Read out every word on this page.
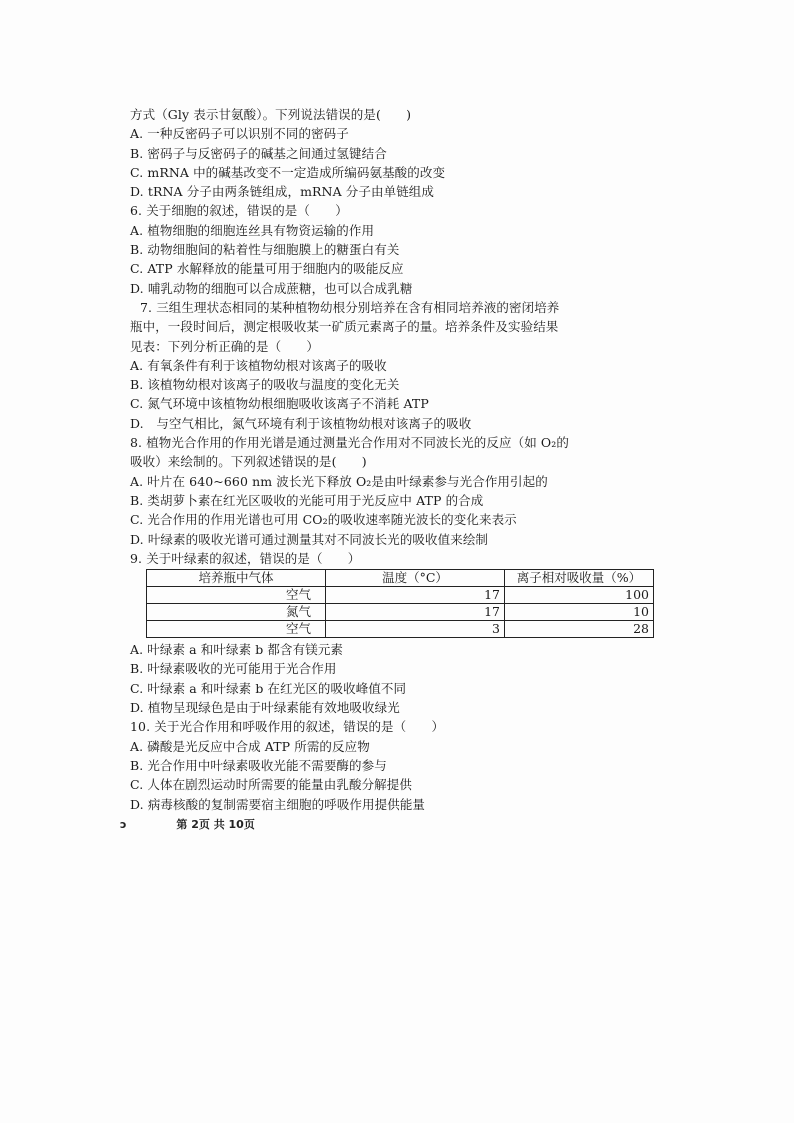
方式（Gly 表示甘氨酸）。下列说法错误的是(　　)
A. 一种反密码子可以识别不同的密码子
B. 密码子与反密码子的碱基之间通过氢键结合
C. mRNA 中的碱基改变不一定造成所编码氨基酸的改变
D. tRNA 分子由两条链组成，mRNA 分子由单链组成
6. 关于细胞的叙述，错误的是（　　）
A. 植物细胞的细胞连丝具有物资运输的作用
B. 动物细胞间的粘着性与细胞膜上的糖蛋白有关
C. ATP 水解释放的能量可用于细胞内的吸能反应
D. 哺乳动物的细胞可以合成蔗糖，也可以合成乳糖
7. 三组生理状态相同的某种植物幼根分别培养在含有相同培养液的密闭培养
瓶中，一段时间后，测定根吸收某一矿质元素离子的量。培养条件及实验结果
见表：下列分析正确的是（　　）
A. 有氧条件有利于该植物幼根对该离子的吸收
B. 该植物幼根对该离子的吸收与温度的变化无关
C. 氮气环境中该植物幼根细胞吸收该离子不消耗 ATP
D.　与空气相比，氮气环境有利于该植物幼根对该离子的吸收
8. 植物光合作用的作用光谱是通过测量光合作用对不同波长光的反应（如 O₂的
吸收）来绘制的。下列叙述错误的是(　　)
A. 叶片在 640~660 nm 波长光下释放 O₂是由叶绿素参与光合作用引起的
B. 类胡萝卜素在红光区吸收的光能可用于光反应中 ATP 的合成
C. 光合作用的作用光谱也可用 CO₂的吸收速率随光波长的变化来表示
D. 叶绿素的吸收光谱可通过测量其对不同波长光的吸收值来绘制
9. 关于叶绿素的叙述，错误的是（　　）
培养瓶中气体	温度（°C）	离子相对吸收量（%）
空气	17	100
氮气	17	10
空气	3	28
A. 叶绿素 a 和叶绿素 b 都含有镁元素
B. 叶绿素吸收的光可能用于光合作用
C. 叶绿素 a 和叶绿素 b 在红光区的吸收峰值不同
D. 植物呈现绿色是由于叶绿素能有效地吸收绿光
10. 关于光合作用和呼吸作用的叙述，错误的是（　　）
A. 磷酸是光反应中合成 ATP 所需的反应物
B. 光合作用中叶绿素吸收光能不需要酶的参与
C. 人体在剧烈运动时所需要的能量由乳酸分解提供
D. 病毒核酸的复制需要宿主细胞的呼吸作用提供能量
ↄ	第 2页 共 10页
